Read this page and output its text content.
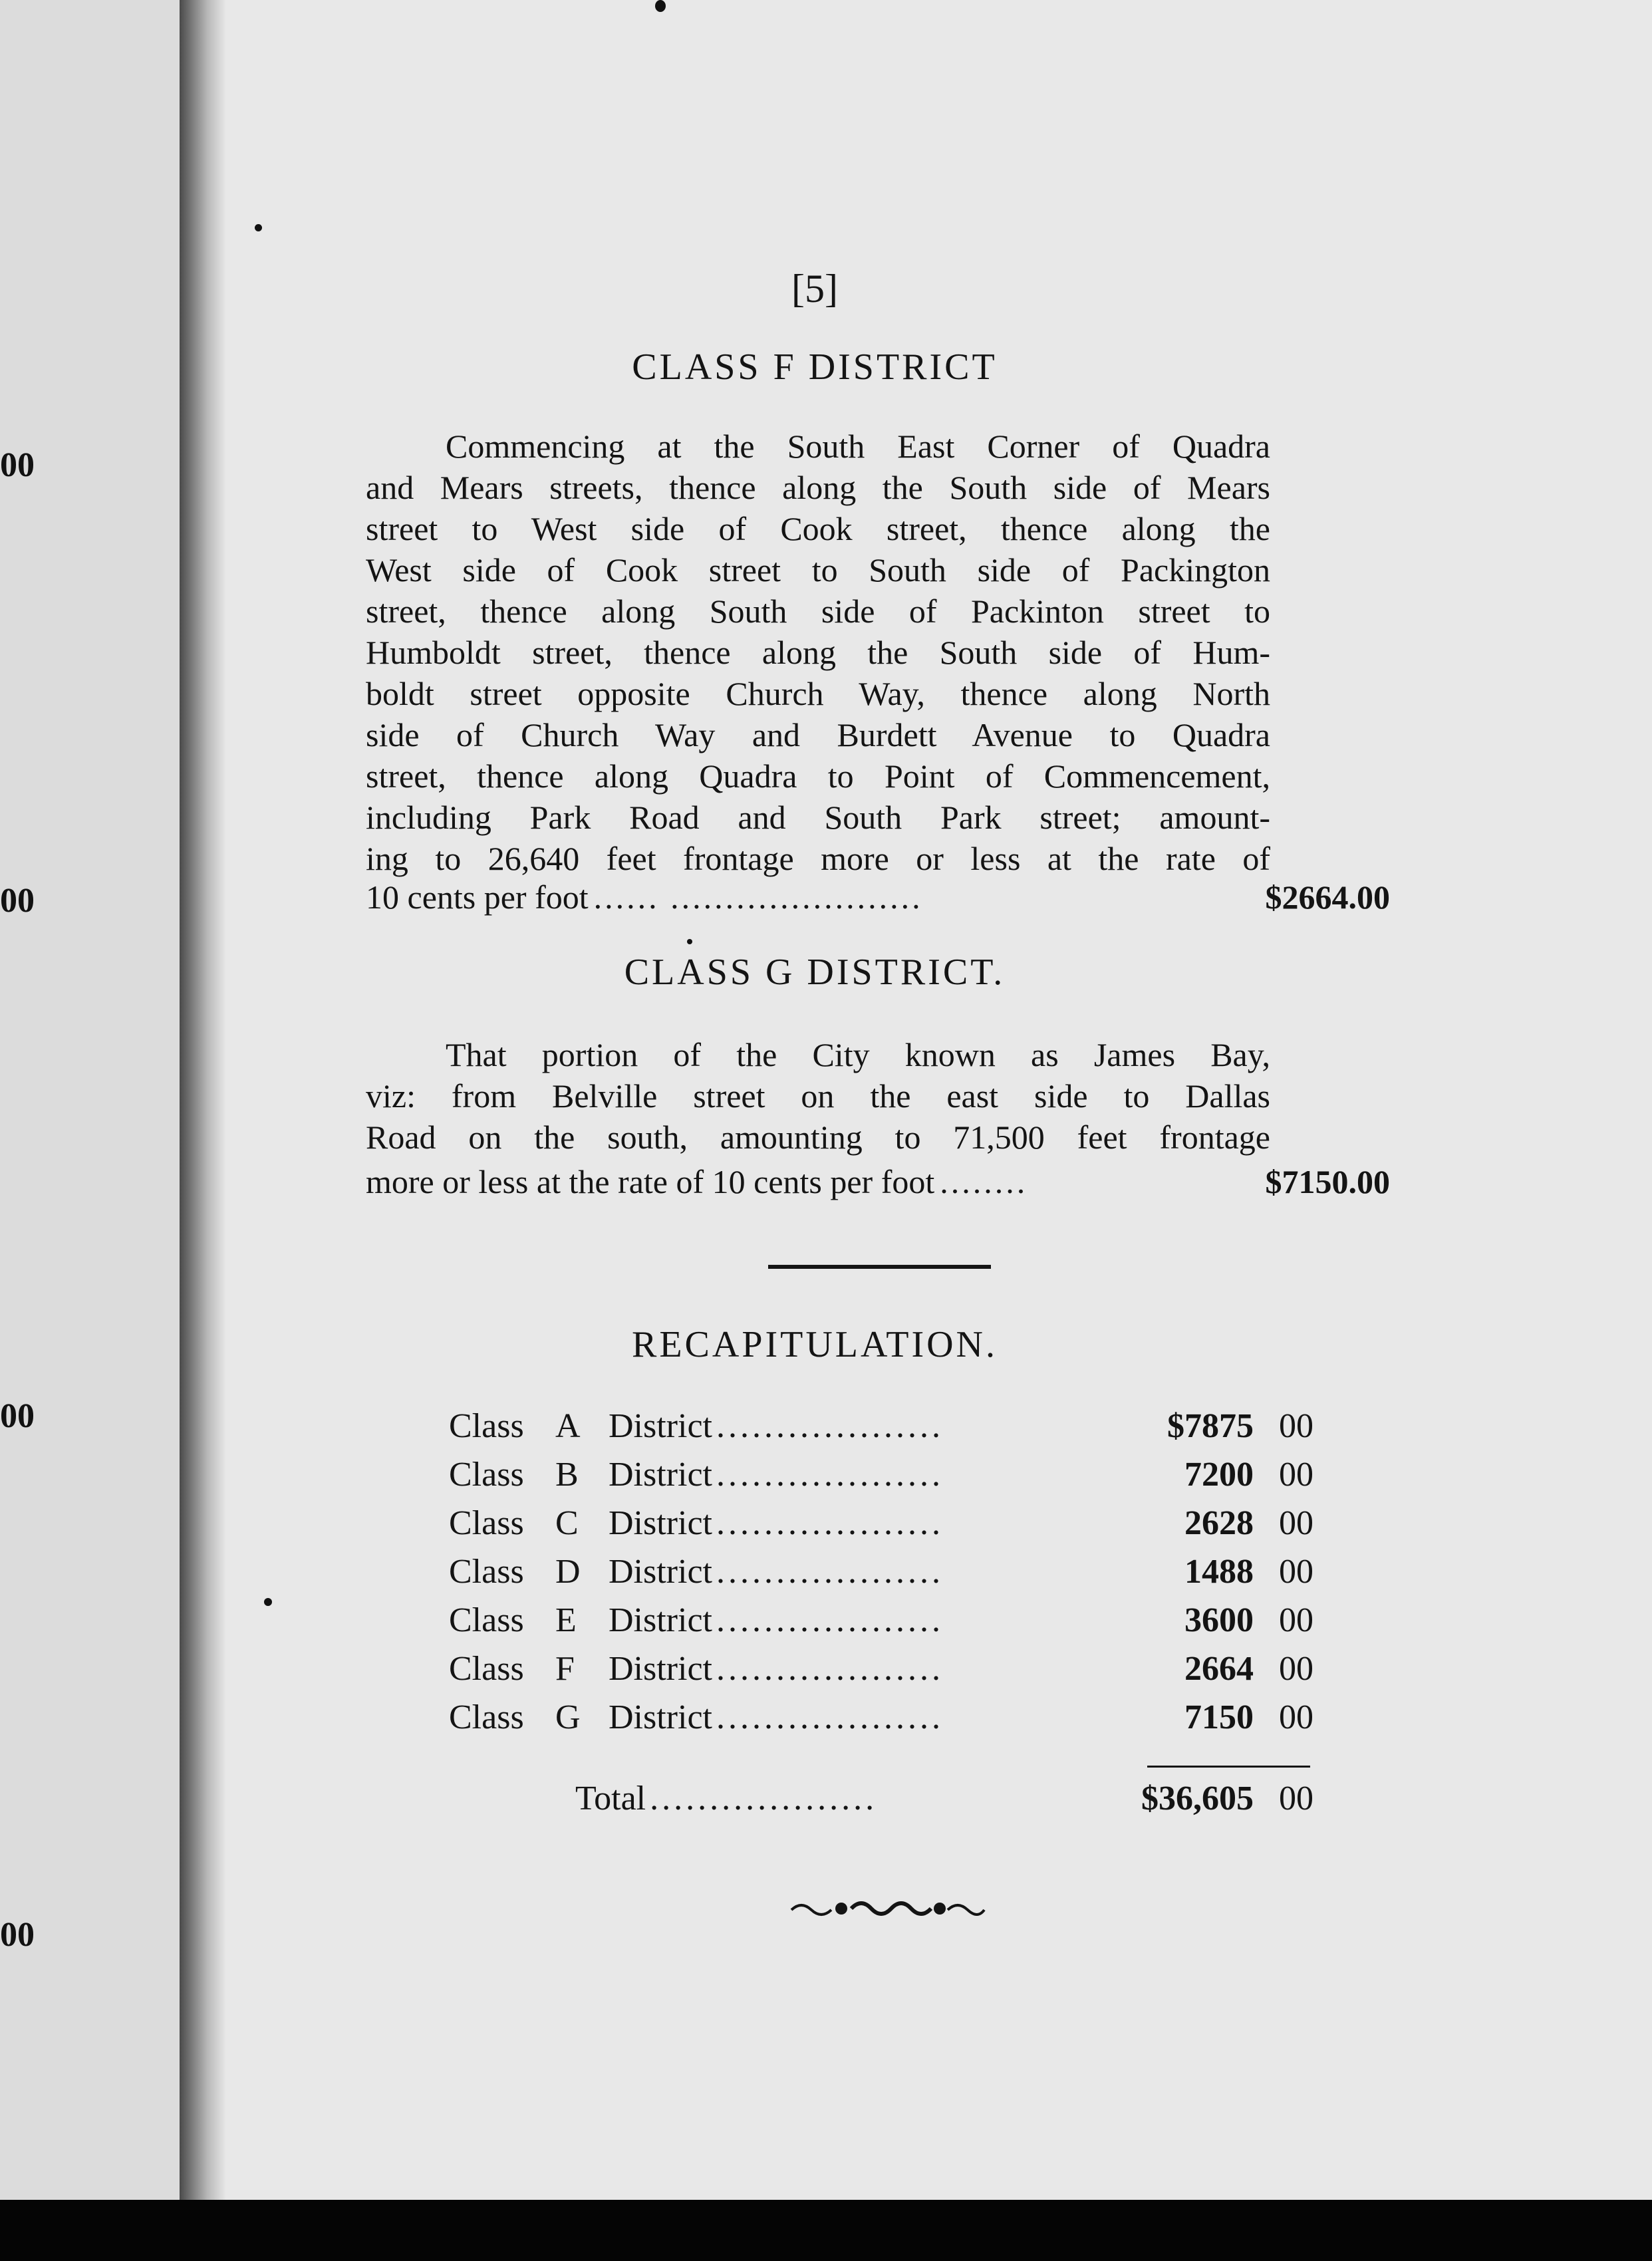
00
00
00
00
[5]
CLASS F DISTRICT
Commencing at the South East Corner of Quadra
and Mears streets, thence along the South side of Mears
street to West side of Cook street, thence along the
West side of Cook street to South side of Packington
street, thence along South side of Packinton street to
Humboldt street, thence along the South side of Hum-
boldt street opposite Church Way, thence along North
side of Church Way and Burdett Avenue to Quadra
street, thence along Quadra to Point of Commencement,
including Park Road and South Park street; amount-
ing to 26,640 feet frontage more or less at the rate of
10 cents per foot ...... .......................	$2664.00
CLASS G DISTRICT.
That portion of the City known as James Bay,
viz: from Belville street on the east side to Dallas
Road on the south, amounting to 71,500 feet frontage
more or less at the rate of 10 cents per foot ........	$7150.00
RECAPITULATION.
Class A District ...................	$7875 00
Class B District ...................	7200 00
Class C District ...................	2628 00
Class D District ...................	1488 00
Class E District ...................	3600 00
Class F District ...................	2664 00
Class G District ...................	7150 00
Total ...................	$36,605 00
